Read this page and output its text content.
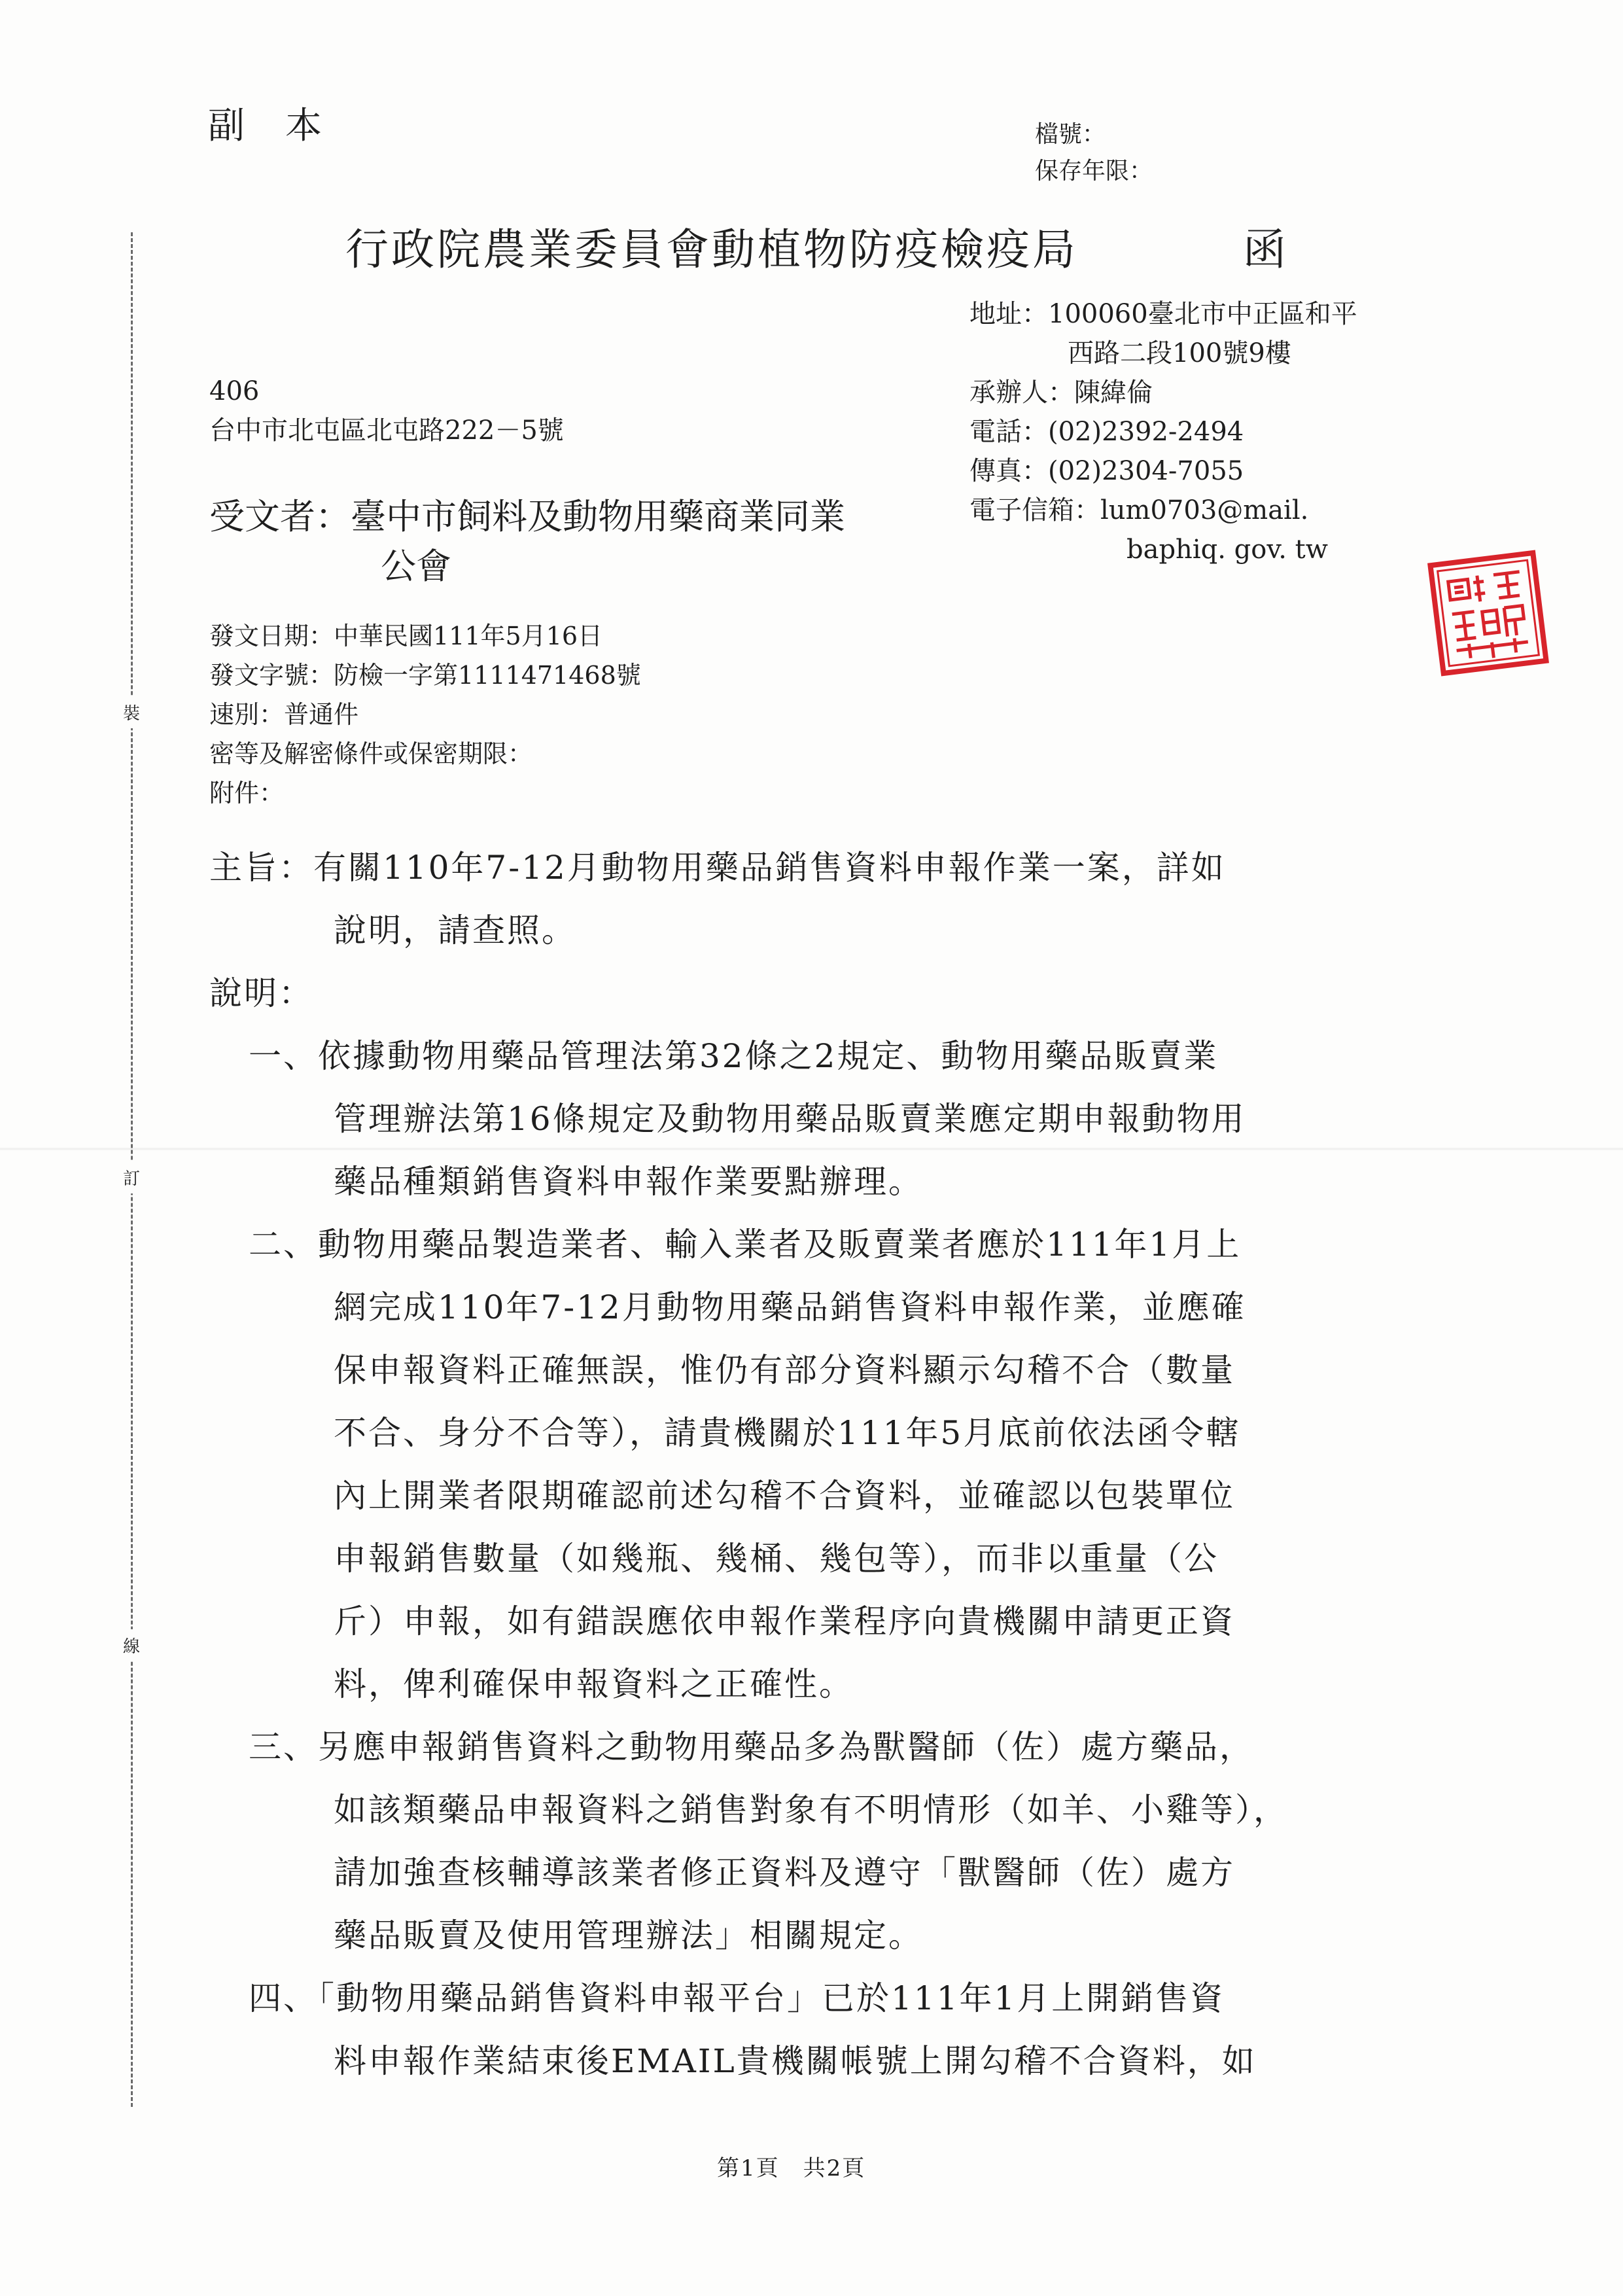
副本	檔號：
保存年限：
行政院農業委員會動植物防疫檢疫局	函
地址：100060臺北市中正區和平
西路二段100號9樓
承辦人：陳緯倫
電話：(02)2392-2494
傳真：(02)2304-7055
電子信箱：lum0703@mail.
baphiq. gov. tw
406
台中市北屯區北屯路222－5號
受文者：臺中市飼料及動物用藥商業同業
公會
發文日期：中華民國111年5月16日
發文字號：防檢一字第1111471468號
速別：普通件
密等及解密條件或保密期限：
附件：
主旨：有關110年7-12月動物用藥品銷售資料申報作業一案，詳如
說明，請查照。
說明：
一、依據動物用藥品管理法第32條之2規定、動物用藥品販賣業
管理辦法第16條規定及動物用藥品販賣業應定期申報動物用
藥品種類銷售資料申報作業要點辦理。
二、動物用藥品製造業者、輸入業者及販賣業者應於111年1月上
網完成110年7-12月動物用藥品銷售資料申報作業，並應確
保申報資料正確無誤，惟仍有部分資料顯示勾稽不合（數量
不合、身分不合等），請貴機關於111年5月底前依法函令轄
內上開業者限期確認前述勾稽不合資料，並確認以包裝單位
申報銷售數量（如幾瓶、幾桶、幾包等），而非以重量（公
斤）申報，如有錯誤應依申報作業程序向貴機關申請更正資
料，俾利確保申報資料之正確性。
三、另應申報銷售資料之動物用藥品多為獸醫師（佐）處方藥品，
如該類藥品申報資料之銷售對象有不明情形（如羊、小雞等），
請加強查核輔導該業者修正資料及遵守「獸醫師（佐）處方
藥品販賣及使用管理辦法」相關規定。
四、「動物用藥品銷售資料申報平台」已於111年1月上開銷售資
料申報作業結束後EMAIL貴機關帳號上開勾稽不合資料，如
裝
訂
線
第1頁　共2頁
